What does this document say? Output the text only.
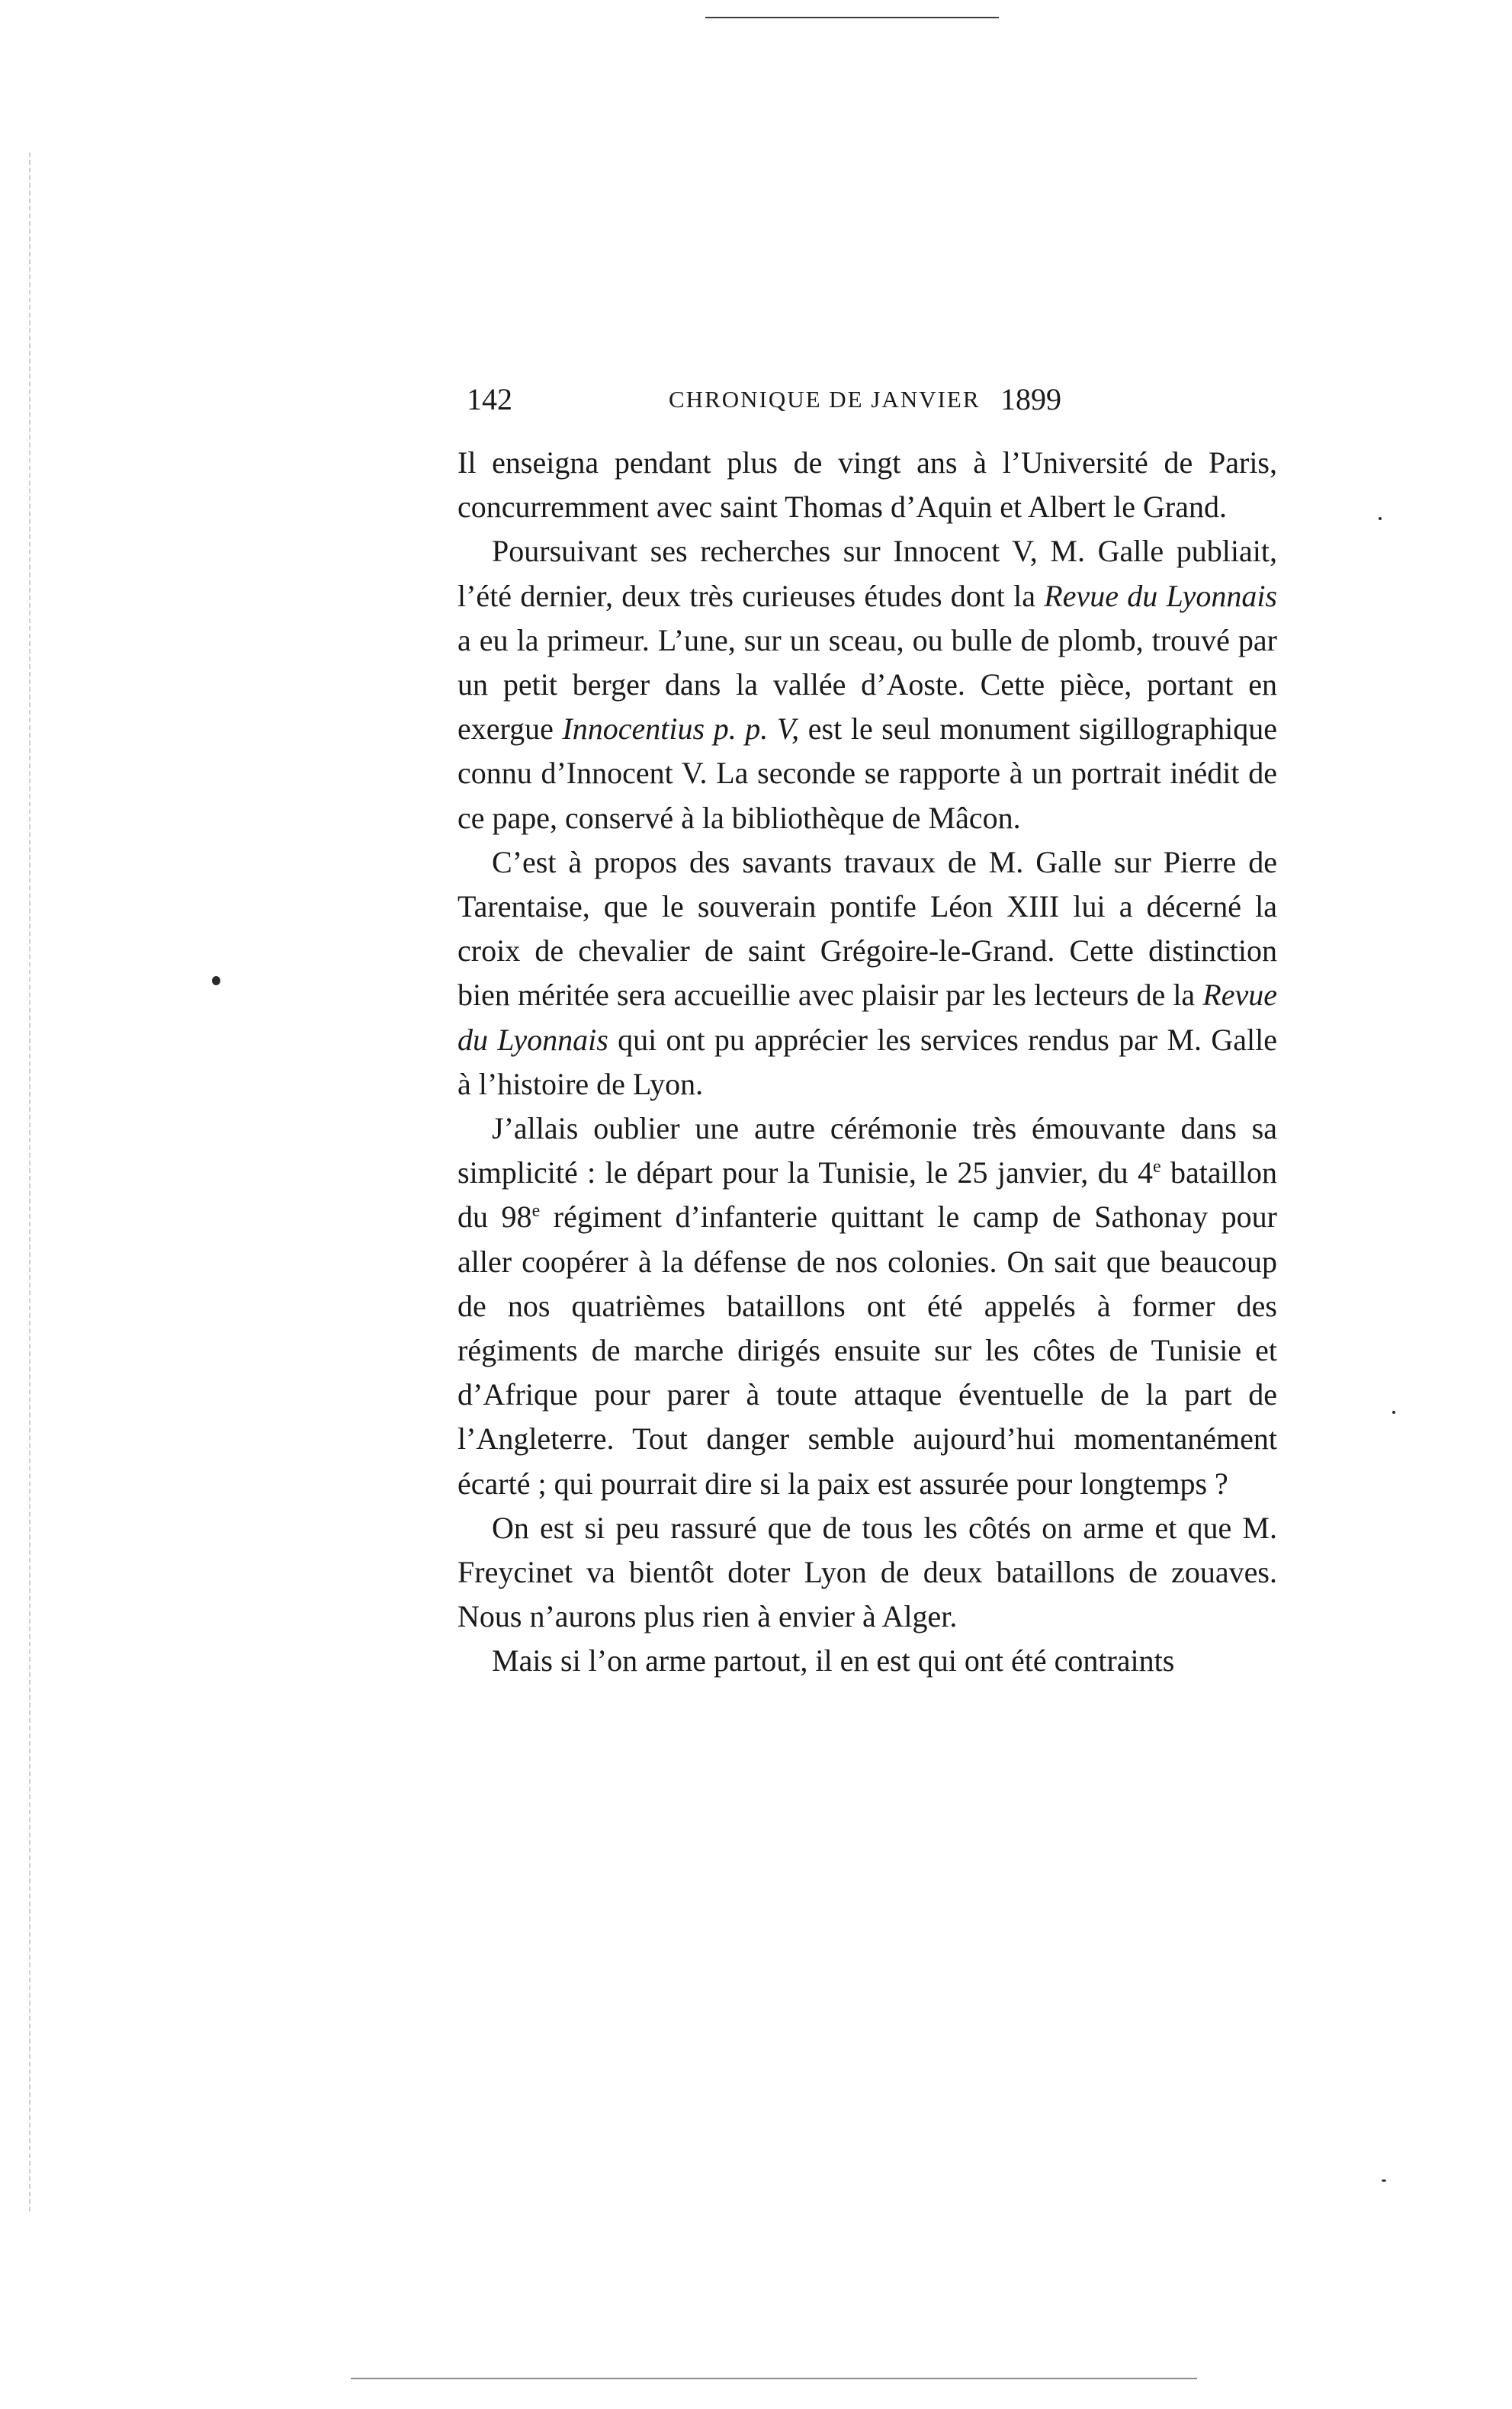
142	CHRONIQUE DE JANVIER 1899

Il enseigna pendant plus de vingt ans à l’Université de Paris, concurremment avec saint Thomas d’Aquin et Albert le Grand.

Poursuivant ses recherches sur Innocent V, M. Galle publiait, l’été dernier, deux très curieuses études dont la Revue du Lyonnais a eu la primeur. L’une, sur un sceau, ou bulle de plomb, trouvé par un petit berger dans la vallée d’Aoste. Cette pièce, portant en exergue Innocentius p. p. V, est le seul monument sigillographique connu d’Innocent V. La seconde se rapporte à un portrait inédit de ce pape, conservé à la bibliothèque de Mâcon.

C’est à propos des savants travaux de M. Galle sur Pierre de Tarentaise, que le souverain pontife Léon XIII lui a décerné la croix de chevalier de saint Grégoire-le-Grand. Cette distinction bien méritée sera accueillie avec plaisir par les lecteurs de la Revue du Lyonnais qui ont pu apprécier les services rendus par M. Galle à l’histoire de Lyon.

J’allais oublier une autre cérémonie très émouvante dans sa simplicité : le départ pour la Tunisie, le 25 janvier, du 4e bataillon du 98e régiment d’infanterie quittant le camp de Sathonay pour aller coopérer à la défense de nos colonies. On sait que beaucoup de nos quatrièmes bataillons ont été appelés à former des régiments de marche dirigés ensuite sur les côtes de Tunisie et d’Afrique pour parer à toute attaque éventuelle de la part de l’Angleterre. Tout danger semble aujourd’hui momentanément écarté ; qui pourrait dire si la paix est assurée pour longtemps ?

On est si peu rassuré que de tous les côtés on arme et que M. Freycinet va bientôt doter Lyon de deux bataillons de zouaves. Nous n’aurons plus rien à envier à Alger.

Mais si l’on arme partout, il en est qui ont été contraints
